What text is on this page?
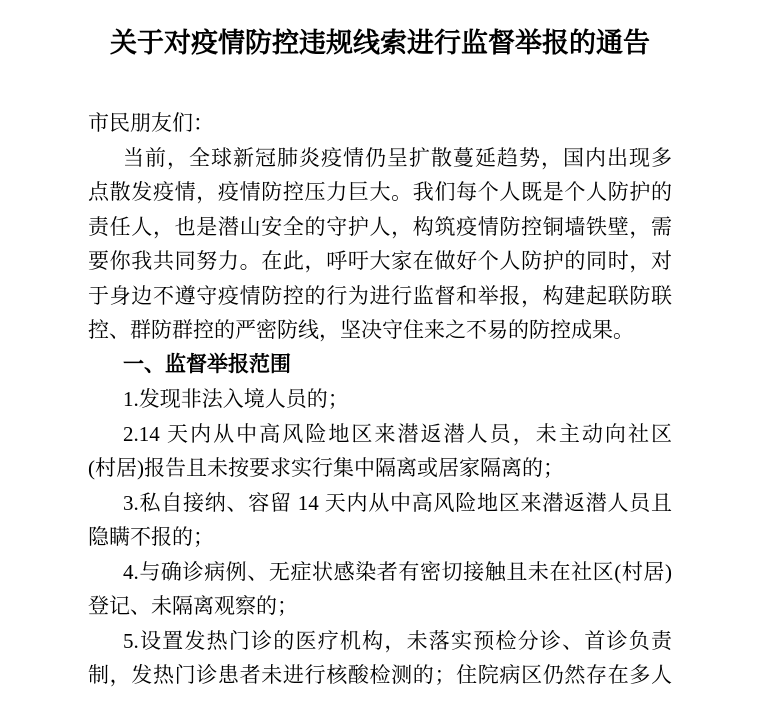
关于对疫情防控违规线索进行监督举报的通告
市民朋友们：
当前，全球新冠肺炎疫情仍呈扩散蔓延趋势，国内出现多
点散发疫情，疫情防控压力巨大。我们每个人既是个人防护的
责任人，也是潜山安全的守护人，构筑疫情防控铜墙铁壁，需
要你我共同努力。在此，呼吁大家在做好个人防护的同时，对
于身边不遵守疫情防控的行为进行监督和举报，构建起联防联
控、群防群控的严密防线，坚决守住来之不易的防控成果。
一、监督举报范围
1.发现非法入境人员的；
2.14 天内从中高风险地区来潜返潜人员，未主动向社区
(村居)报告且未按要求实行集中隔离或居家隔离的；
3.私自接纳、容留 14 天内从中高风险地区来潜返潜人员且
隐瞒不报的；
4.与确诊病例、无症状感染者有密切接触且未在社区(村居)
登记、未隔离观察的；
5.设置发热门诊的医疗机构，未落实预检分诊、首诊负责
制，发热门诊患者未进行核酸检测的；住院病区仍然存在多人
